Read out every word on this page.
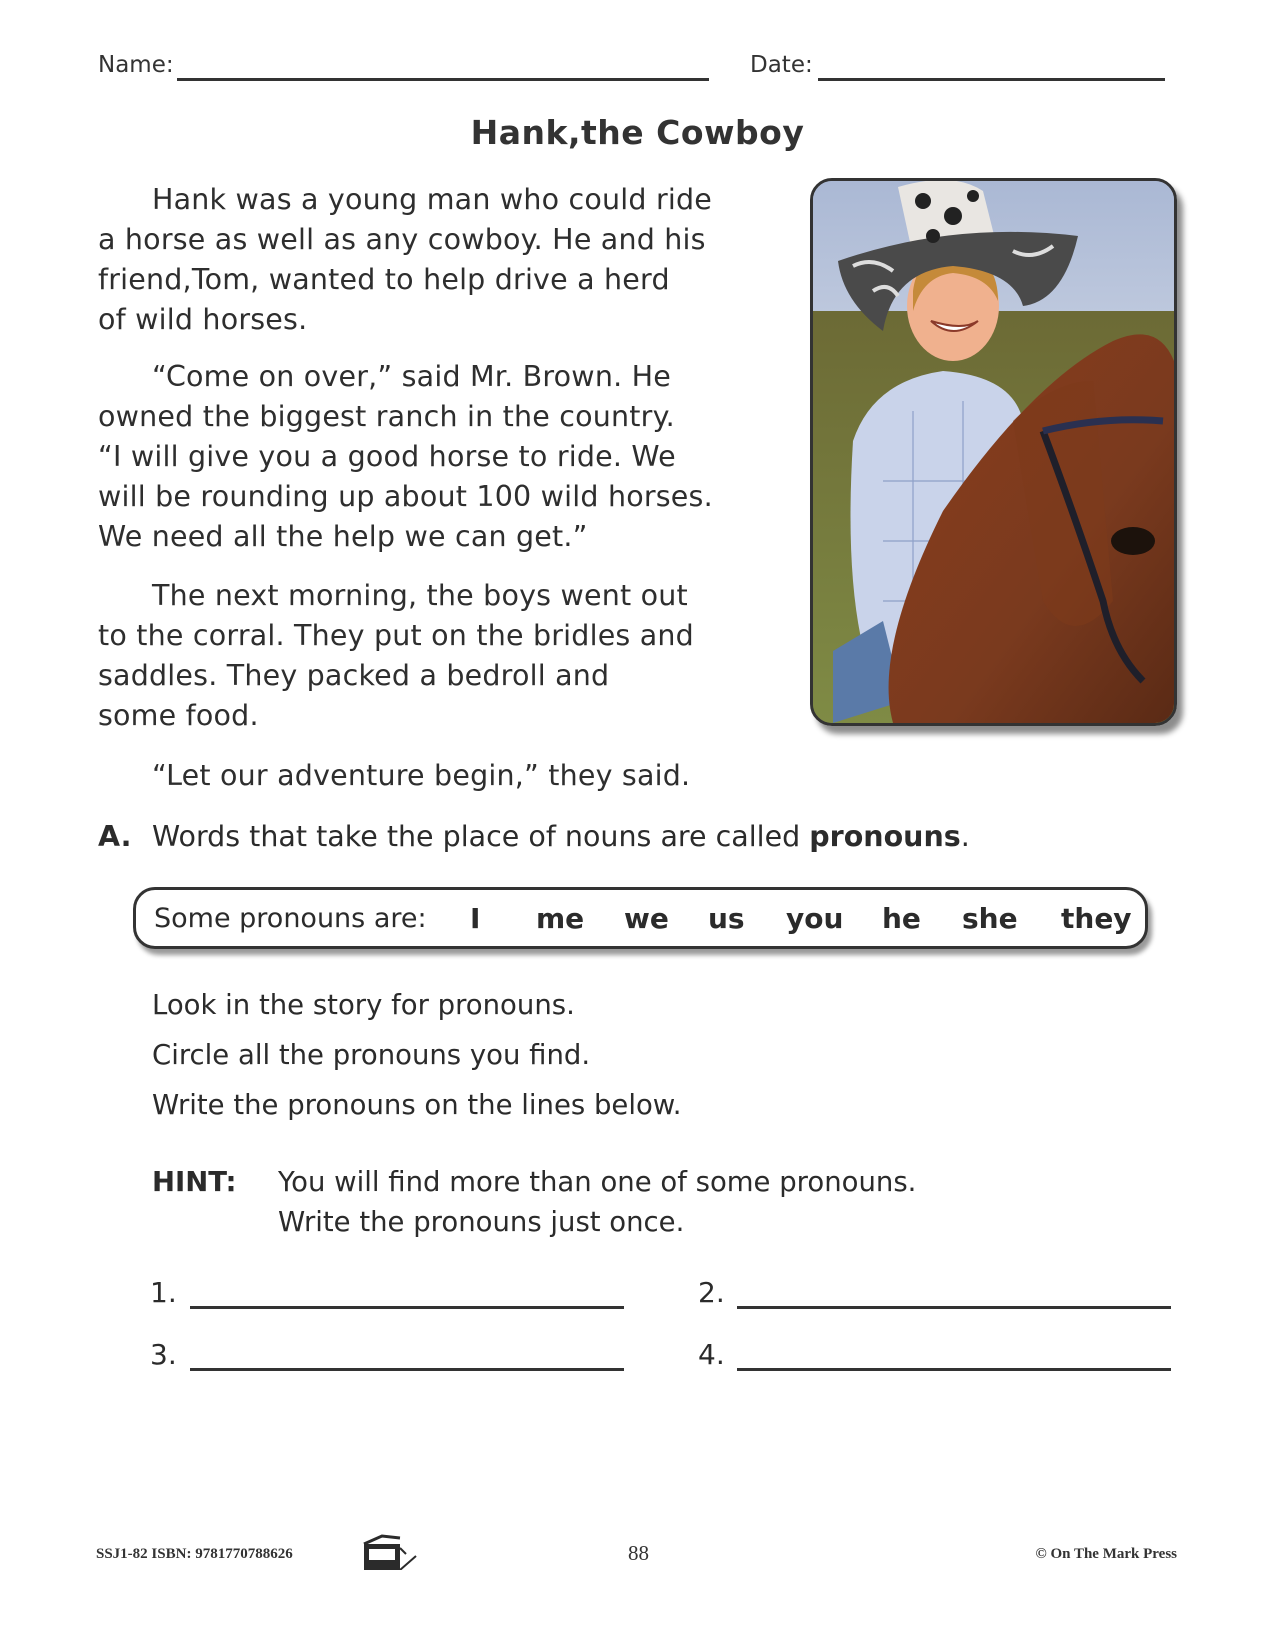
Name:	Date:
Hank,the Cowboy
Hank was a young man who could ride
a horse as well as any cowboy. He and his
friend,Tom, wanted to help drive a herd
of wild horses.
“Come on over,” said Mr. Brown. He
owned the biggest ranch in the country.
“I will give you a good horse to ride. We
will be rounding up about 100 wild horses.
We need all the help we can get.”
The next morning, the boys went out
to the corral. They put on the bridles and
saddles. They packed a bedroll and
some food.
“Let our adventure begin,” they said.
A. Words that take the place of nouns are called pronouns.
Some pronouns are: I me we us you he she they
Look in the story for pronouns.
Circle all the pronouns you find.
Write the pronouns on the lines below.
HINT: You will find more than one of some pronouns.
Write the pronouns just once.
1.	2.
3.	4.
SSJ1-82 ISBN: 9781770788626	88	© On The Mark Press
